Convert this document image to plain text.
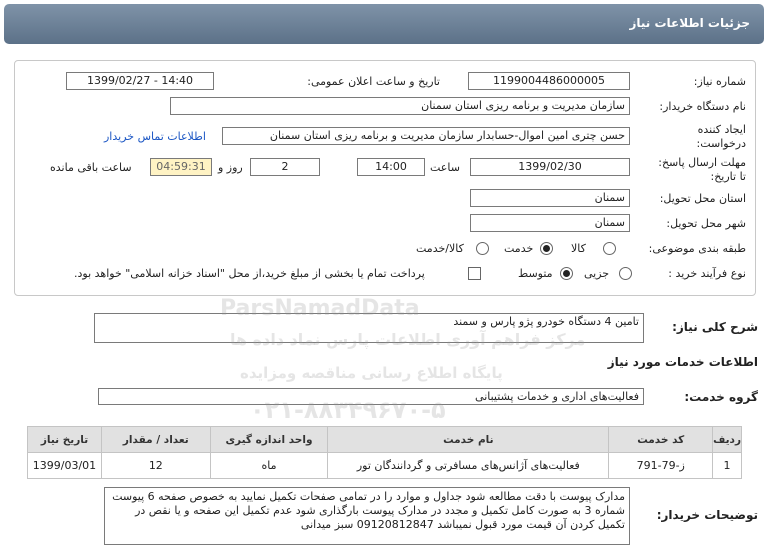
جزئیات اطلاعات نیاز
شماره نیاز:
1199004486000005
تاریخ و ساعت اعلان عمومی:
1399/02/27 - 14:40
نام دستگاه خریدار:
سازمان مدیریت و برنامه ریزی استان سمنان
ایجاد کننده
درخواست:
حسن چتری امین اموال-حسابدار سازمان مدیریت و برنامه ریزی استان سمنان
اطلاعات تماس خریدار
مهلت ارسال پاسخ:
تا تاریخ:
1399/02/30
ساعت
14:00
2
روز و
04:59:31
ساعت باقی مانده
استان محل تحویل:
سمنان
شهر محل تحویل:
سمنان
طبقه بندی موضوعی:
کالا
خدمت
کالا/خدمت
نوع فرآیند خرید :
جزیی
متوسط
پرداخت تمام یا بخشی از مبلغ خرید،از محل "اسناد خزانه اسلامی" خواهد بود.
شرح کلی نیاز:
تامین 4 دستگاه خودرو پژو پارس و سمند
اطلاعات خدمات مورد نیاز
گروه خدمت:
فعالیت‌های اداری و خدمات پشتیبانی
ردیف	کد خدمت	نام خدمت	واحد اندازه گیری	تعداد / مقدار	تاریخ نیاز
1	ز-79-791	فعالیت‌های آژانس‌های مسافرتی و گردانندگان تور	ماه	12	1399/03/01
توضیحات خریدار:
مدارک پیوست با دقت مطالعه شود جداول و موارد را در تمامی صفحات تکمیل نمایید به خصوص صفحه 6 پیوست شماره 3 به صورت کامل تکمیل و مجدد در مدارک پیوست بارگذاری شود عدم تکمیل این صفحه و یا نقص در تکمیل کردن آن قیمت مورد قبول نمیباشد 09120812847 سبز میدانی
ParsNamadData
مرکز فراهم آوری اطلاعات پارس نماد داده ها
پایگاه اطلاع رسانی مناقصه ومزایده
۰۲۱-۸۸۳۴۹۶۷۰-۵
